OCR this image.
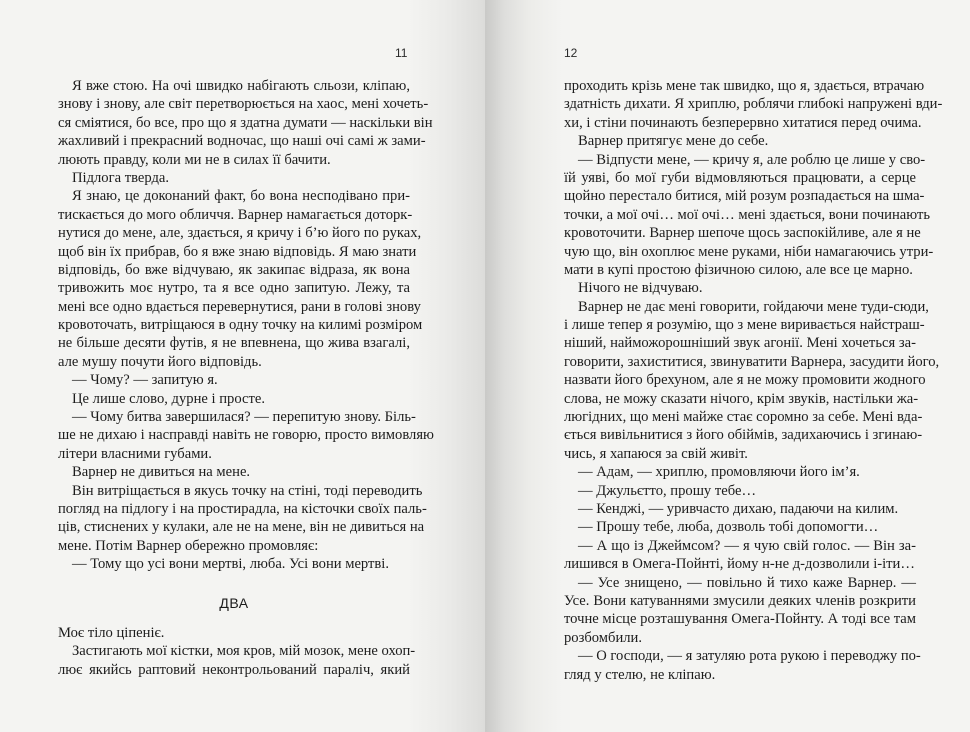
11
Я вже стою. На очі швидко набігають сльози, кліпаю,
знову і знову, але світ перетворюється на хаос, мені хочеть-
ся сміятися, бо все, про що я здатна думати — наскільки він
жахливий і прекрасний водночас, що наші очі самі ж зами-
люють правду, коли ми не в силах її бачити.
Підлога тверда.
Я знаю, це доконаний факт, бо вона несподівано при-
тискається до мого обличчя. Варнер намагається доторк-
нутися до мене, але, здається, я кричу і б’ю його по руках,
щоб він їх прибрав, бо я вже знаю відповідь. Я маю знати
відповідь, бо вже відчуваю, як закипає відраза, як вона
тривожить моє нутро, та я все одно запитую. Лежу, та
мені все одно вдається перевернутися, рани в голові знову
кровоточать, витріщаюся в одну точку на килимі розміром
не більше десяти футів, я не впевнена, що жива взагалі,
але мушу почути його відповідь.
— Чому? — запитую я.
Це лише слово, дурне і просте.
— Чому битва завершилася? — перепитую знову. Біль-
ше не дихаю і насправді навіть не говорю, просто вимовляю
літери власними губами.
Варнер не дивиться на мене.
Він витріщається в якусь точку на стіні, тоді переводить
погляд на підлогу і на простирадла, на кісточки своїх паль-
ців, стиснених у кулаки, але не на мене, він не дивиться на
мене. Потім Варнер обережно промовляє:
— Тому що усі вони мертві, люба. Усі вони мертві.
ДВА
Моє тіло ціпеніє.
Застигають мої кістки, моя кров, мій мозок, мене охоп-
лює якийсь раптовий неконтрольований параліч, який
12
проходить крізь мене так швидко, що я, здається, втрачаю
здатність дихати. Я хриплю, роблячи глибокі напружені вди-
хи, і стіни починають безперервно хитатися перед очима.
Варнер притягує мене до себе.
— Відпусти мене, — кричу я, але роблю це лише у сво-
їй уяві, бо мої губи відмовляються працювати, а серце
щойно перестало битися, мій розум розпадається на шма-
точки, а мої очі… мої очі… мені здається, вони починають
кровоточити. Варнер шепоче щось заспокійливе, але я не
чую що, він охоплює мене руками, ніби намагаючись утри-
мати в купі простою фізичною силою, але все це марно.
Нічого не відчуваю.
Варнер не дає мені говорити, гойдаючи мене туди-сюди,
і лише тепер я розумію, що з мене виривається найстраш-
ніший, найможорошніший звук агонії. Мені хочеться за-
говорити, захиститися, звинуватити Варнера, засудити його,
назвати його брехуном, але я не можу промовити жодного
слова, не можу сказати нічого, крім звуків, настільки жа-
люгідних, що мені майже стає соромно за себе. Мені вда-
ється вивільнитися з його обіймів, задихаючись і згинаю-
чись, я хапаюся за свій живіт.
— Адам, — хриплю, промовляючи його ім’я.
— Джульєтто, прошу тебе…
— Кенджі, — уривчасто дихаю, падаючи на килим.
— Прошу тебе, люба, дозволь тобі допомогти…
— А що із Джеймсом? — я чую свій голос. — Він за-
лишився в Омега-Пойнті, йому н-не д-дозволили і-іти…
— Усе знищено, — повільно й тихо каже Варнер. —
Усе. Вони катуваннями змусили деяких членів розкрити
точне місце розташування Омега-Пойнту. А тоді все там
розбомбили.
— О господи, — я затуляю рота рукою і переводжу по-
гляд у стелю, не кліпаю.
